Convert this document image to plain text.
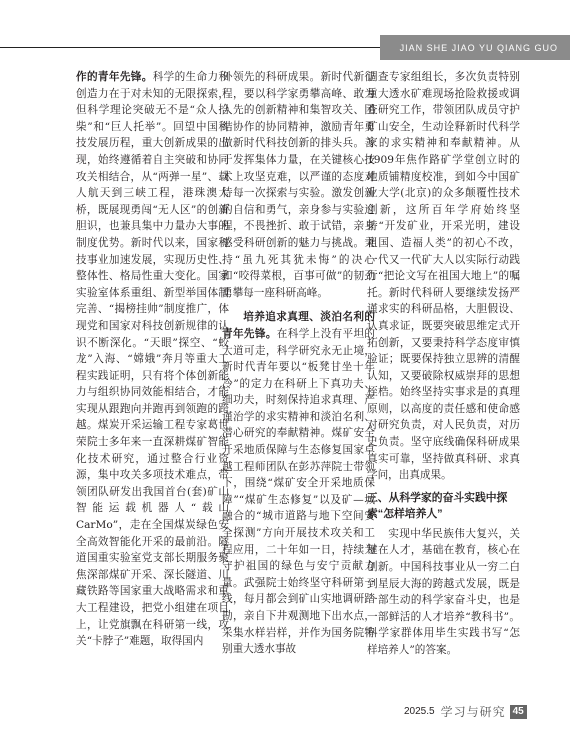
JIAN SHE JIAO YU QIANG GUO

作的青年先锋。科学的生命力和创造力在于对未知的无限探索，但科学理论突破无不是“众人拾柴”和“巨人托举”。回望中国科技发展历程，重大创新成果的出现，始终遵循着自主突破和协同攻关相结合，从“两弹一星”、载人航天到三峡工程，港珠澳大桥，既展现勇闯“无人区”的创新胆识，也兼具集中力量办大事的制度优势。新时代以来，国家科技事业加速发展，实现历史性、整体性、格局性重大变化。国家实验室体系重组、新型举国体制完善、“揭榜挂帅”制度推广，体现党和国家对科技创新规律的认识不断深化。“天眼”探空、“蛟龙”入海、“嫦娥”奔月等重大工程实践证明，只有将个体创新能力与组织协同效能相结合，才能实现从跟跑向并跑再到领跑的跨越。煤炭开采运输工程专家葛世荣院士多年来一直深耕煤矿智能化技术研究，通过整合行业资源，集中攻关多项技术难点，带领团队研发出我国首台(套)矿山智能运载机器人“载山CarMo”，走在全国煤炭绿色安全高效智能化开采的最前沿。隧道国重实验室党支部长期服务聚焦深部煤矿开采、深长隧道、川藏铁路等国家重大战略需求和重大工程建设，把党小组建在项目上，让党旗飘在科研第一线，攻关“卡脖子”难题，取得国内

外领先的科研成果。新时代新征程，要以科学家勇攀高峰、敢为人先的创新精神和集智攻关、团结协作的协同精神，激励青年勇做新时代科技创新的排头兵。善于发挥集体力量，在关键核心技术上攻坚克难，以严谨的态度对待每一次探索与实验。激发创新的自信和勇气，亲身参与实验过程，不畏挫折、敢于试错，亲身感受科研创新的魅力与挑战。秉持“虽九死其犹未悔”的决心和“咬得菜根，百事可做”的韧劲勇攀每一座科研高峰。

培养追求真理、淡泊名利的青年先锋。在科学上没有平坦的大道可走，科学研究永无止境，新时代青年要以“板凳甘坐十年冷”的定力在科研上下真功夫、细功夫，时刻保持追求真理、严谨治学的求实精神和淡泊名利、潜心研究的奉献精神。煤矿安全开采地质保障与生态修复国家卓越工程师团队在彭苏萍院士带领下，围绕“煤矿安全开采地质保障”“煤矿生态修复”以及矿—城融合的“城市道路与地下空间安全探测”方向开展技术攻关和工程应用，二十年如一日，持续为守护祖国的绿色与安宁贡献力量。武强院士始终坚守科研第一线，每月都会到矿山实地调研踏勘，亲自下井观测地下出水点，采集水样岩样，并作为国务院特别重大透水事故

调查专家组组长，多次负责特别重大透水矿难现场抢险救援或调查研究工作，带领团队成员守护矿山安全，生动诠释新时代科学家的求实精神和奉献精神。从1909年焦作路矿学堂创立时的地质铺精度校准，到如今中国矿业大学(北京)的众多颠覆性技术创新，这所百年学府始终坚持“开发矿业，开采光明，建设祖国、造福人类”的初心不改，一代又一代矿大人以实际行动践行“把论文写在祖国大地上”的嘱托。新时代科研人要继续发扬严谨求实的科研品格，大胆假设、认真求证，既要突破思维定式开拓创新，又要秉持科学态度审慎验证；既要保持独立思辨的清醒认知，又要破除权威崇拜的思想桎梏。始终坚持实事求是的真理原则，以高度的责任感和使命感对研究负责，对人民负责，对历史负责。坚守底线确保科研成果真实可靠，坚持做真科研、求真学问，出真成果。

三、从科学家的奋斗实践中探索“怎样培养人”

实现中华民族伟大复兴，关键在人才，基础在教育，核心在创新。中国科技事业从一穷二白到星辰大海的跨越式发展，既是一部生动的科学家奋斗史，也是一部鲜活的人才培养“教科书”。科学家群体用毕生实践书写“怎样培养人”的答案。

2025.5 学习与研究 45
